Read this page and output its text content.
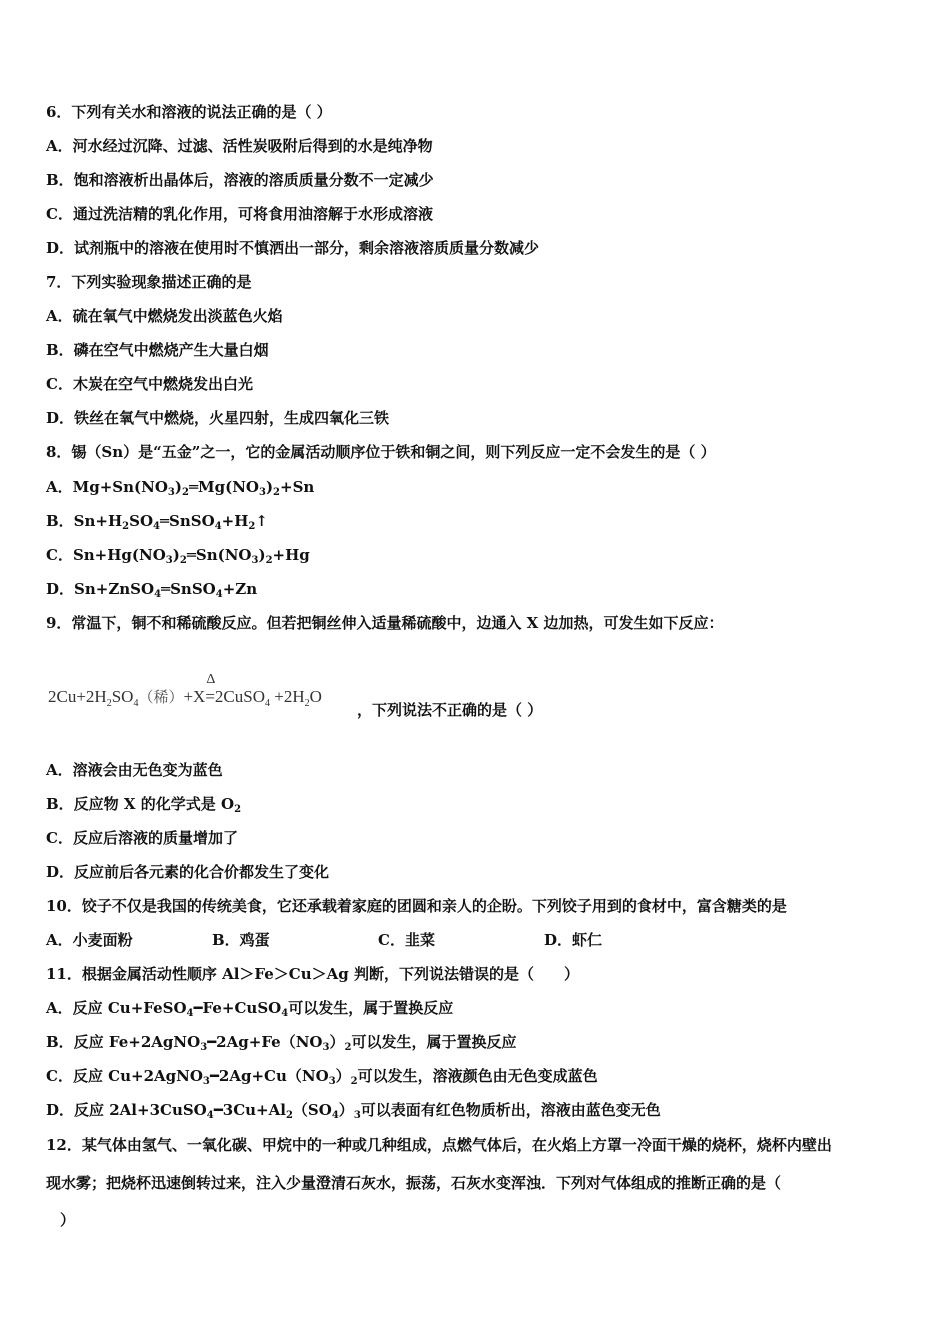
6．下列有关水和溶液的说法正确的是（ ）
A．河水经过沉降、过滤、活性炭吸附后得到的水是纯净物
B．饱和溶液析出晶体后，溶液的溶质质量分数不一定减少
C．通过洗洁精的乳化作用，可将食用油溶解于水形成溶液
D．试剂瓶中的溶液在使用时不慎洒出一部分，剩余溶液溶质质量分数减少
7．下列实验现象描述正确的是
A．硫在氧气中燃烧发出淡蓝色火焰
B．磷在空气中燃烧产生大量白烟
C．木炭在空气中燃烧发出白光
D．铁丝在氧气中燃烧，火星四射，生成四氧化三铁
8．锡（Sn）是“五金”之一，它的金属活动顺序位于铁和铜之间，则下列反应一定不会发生的是（ ）
A．$Mg+Sn(NO_3)_2═Mg(NO_3)_2+Sn$
B．$Sn+H_2SO_4═SnSO_4+H_2↑$
C．$Sn+Hg(NO_3)_2═Sn(NO_3)_2+Hg$
D．Sn+ZnSO$_4$═SnSO$_4$+Zn
9．常温下，铜不和稀硫酸反应。但若把铜丝伸入适量稀硫酸中，边通入 X 边加热，可发生如下反应：
$2Cu+2H_2SO_4$（稀）+X
Δ
=2CuSO$_4$ $+2H_2O$
，下列说法不正确的是（ ）
A．溶液会由无色变为蓝色
B．反应物 X 的化学式是 $O_2$
C．反应后溶液的质量增加了
D．反应前后各元素的化合价都发生了变化
10．饺子不仅是我国的传统美食，它还承载着家庭的团圆和亲人的企盼。下列饺子用到的食材中，富含糖类的是
A．小麦面粉	B．鸡蛋	C．韭菜	D．虾仁
11．根据金属活动性顺序 Al＞Fe＞Cu＞Ag 判断，下列说法错误的是（　　）
A．反应 Cu+FeSO$_4$━Fe+CuSO$_4$可以发生，属于置换反应
B．反应 $Fe+2AgNO_3━2Ag+Fe(NO_3)_2$可以发生，属于置换反应
C．反应 $Cu+2AgNO_3━2Ag+Cu(NO_3)_2$可以发生，溶液颜色由无色变成蓝色
D．反应 $2Al+3CuSO_4━3Cu+Al_2(SO_4)_3$可以表面有红色物质析出，溶液由蓝色变无色
12．某气体由氢气、一氧化碳、甲烷中的一种或几种组成，点燃气体后，在火焰上方罩一冷面干燥的烧杯，烧杯内壁出
现水雾；把烧杯迅速倒转过来，注入少量澄清石灰水，振荡，石灰水变浑浊．下列对气体组成的推断正确的是（
）
